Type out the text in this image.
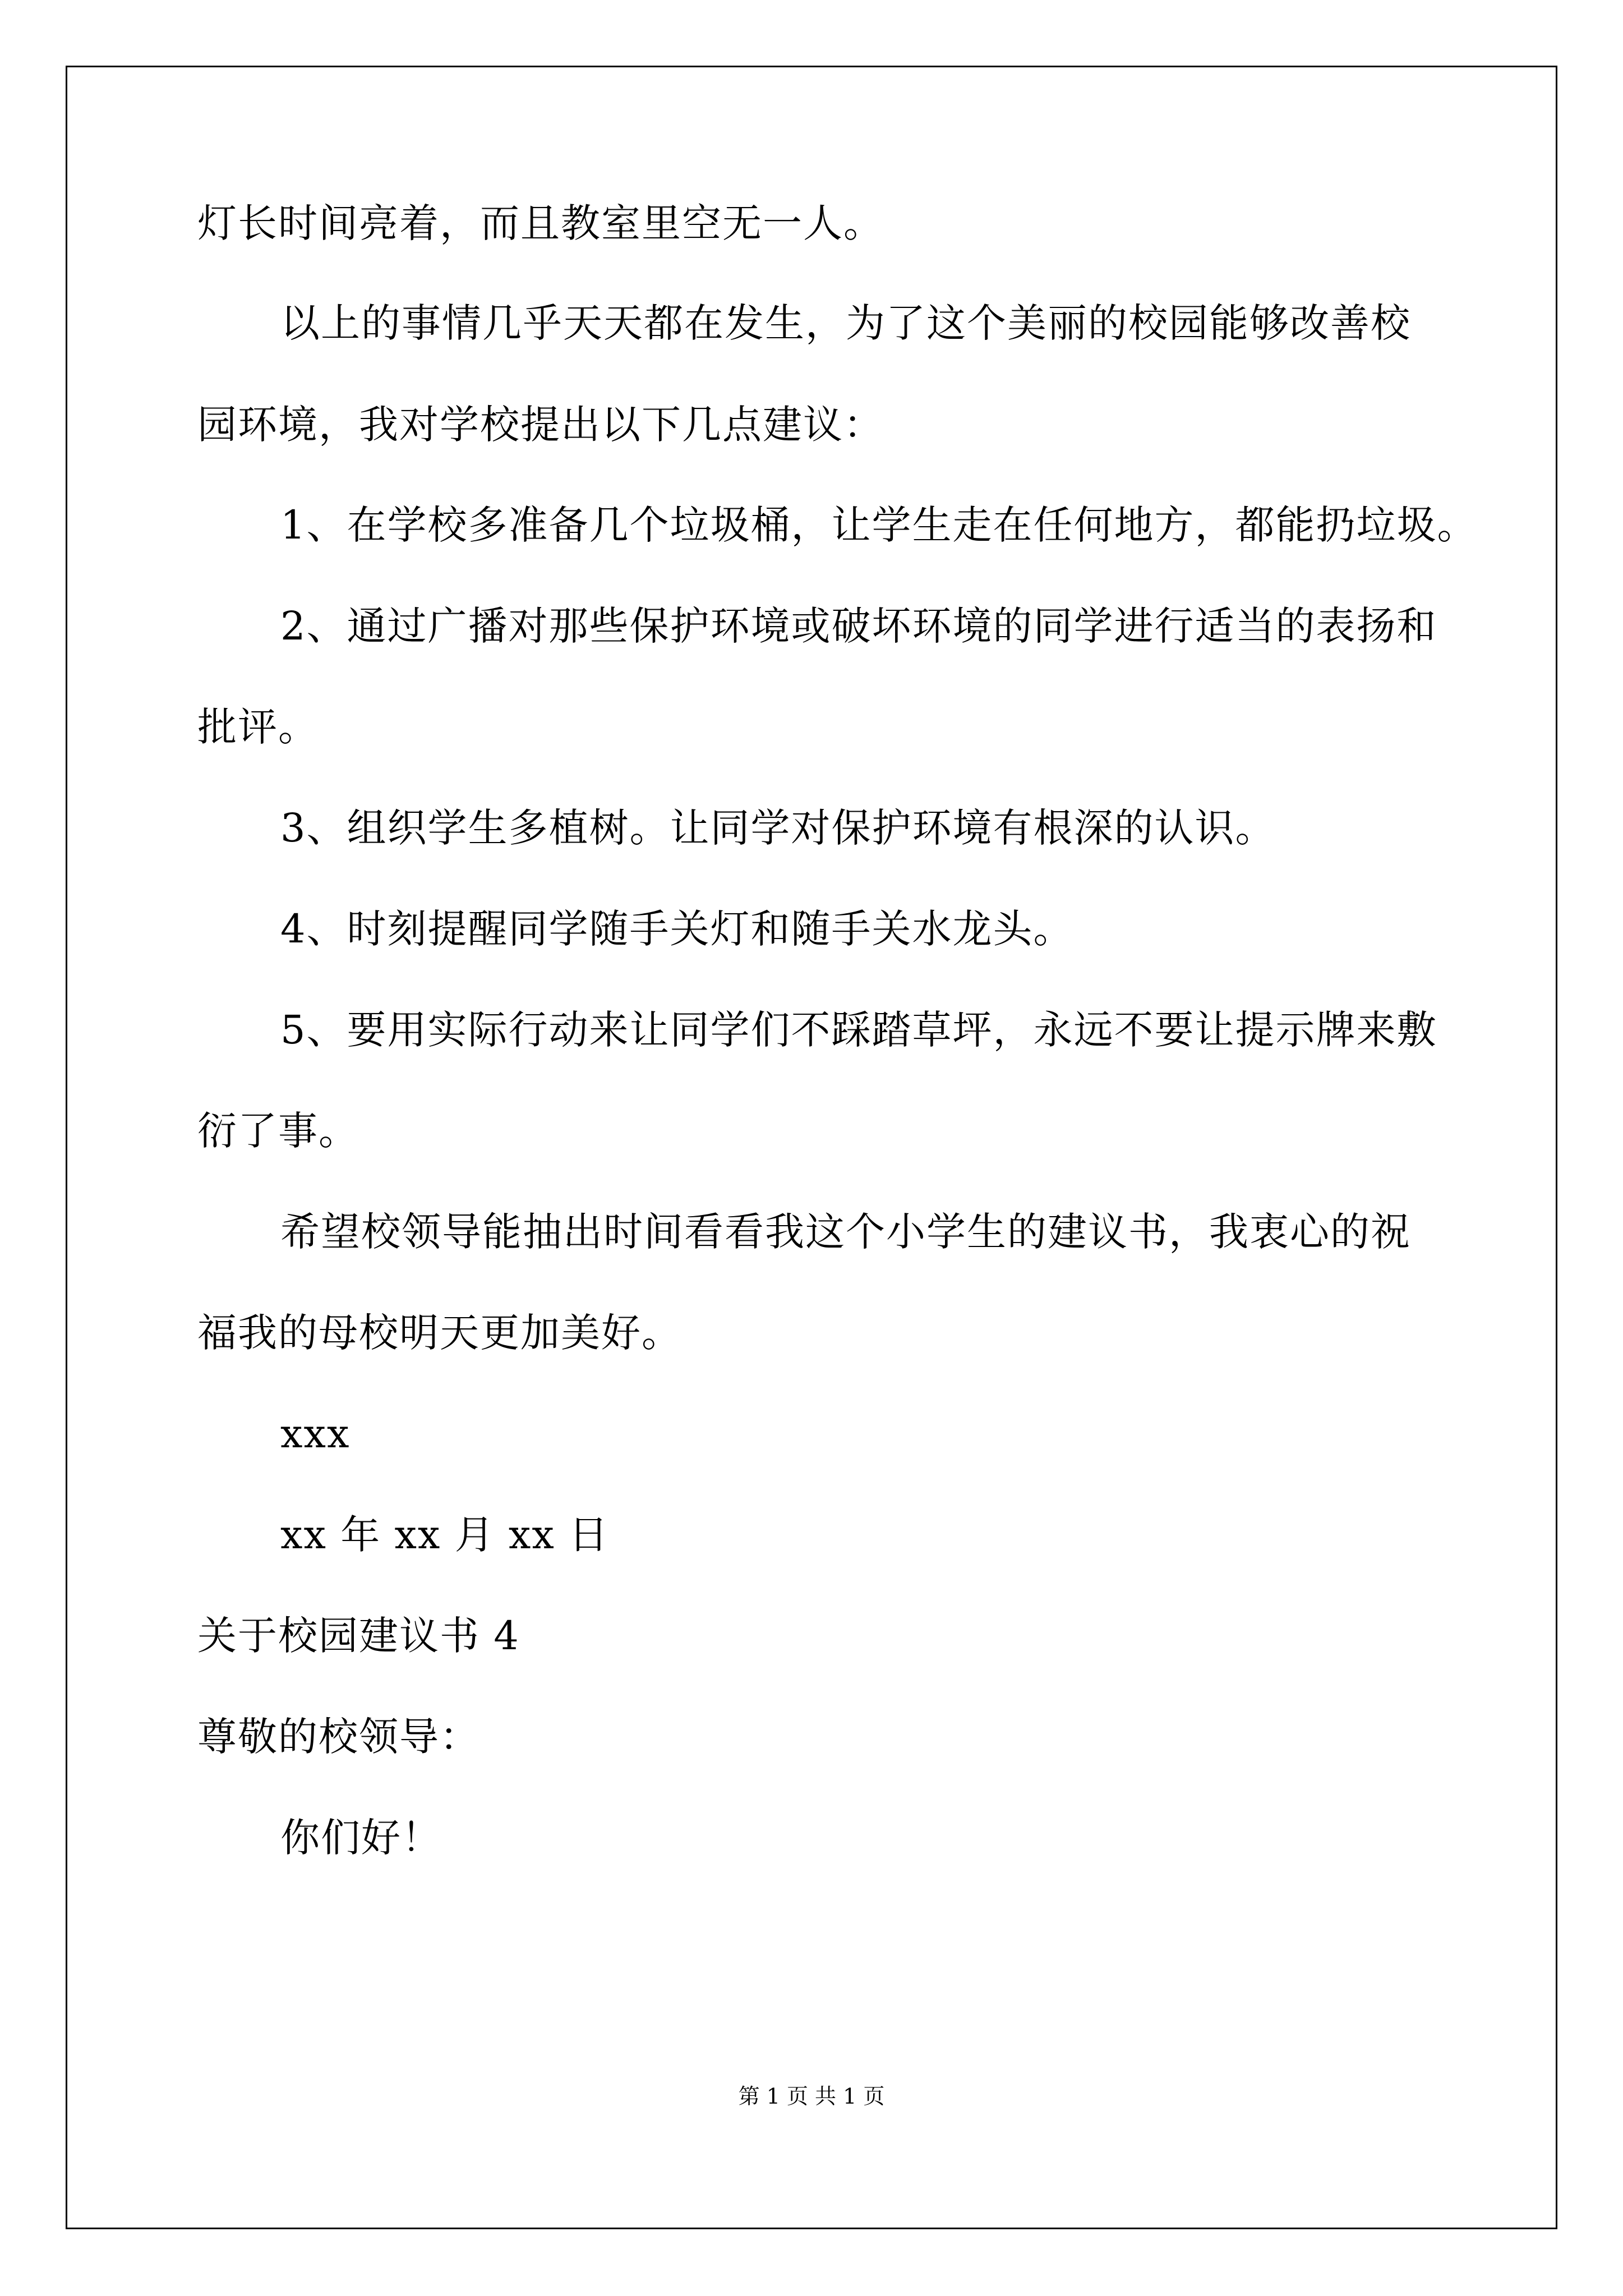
灯长时间亮着，而且教室里空无一人。
以上的事情几乎天天都在发生，为了这个美丽的校园能够改善校
园环境，我对学校提出以下几点建议：
1、在学校多准备几个垃圾桶，让学生走在任何地方，都能扔垃圾。
2、通过广播对那些保护环境或破坏环境的同学进行适当的表扬和
批评。
3、组织学生多植树。让同学对保护环境有根深的认识。
4、时刻提醒同学随手关灯和随手关水龙头。
5、要用实际行动来让同学们不踩踏草坪，永远不要让提示牌来敷
衍了事。
希望校领导能抽出时间看看我这个小学生的建议书，我衷心的祝
福我的母校明天更加美好。
xxx
xx 年 xx 月 xx 日
关于校园建议书 4
尊敬的校领导：
你们好！
第 1 页 共 1 页
